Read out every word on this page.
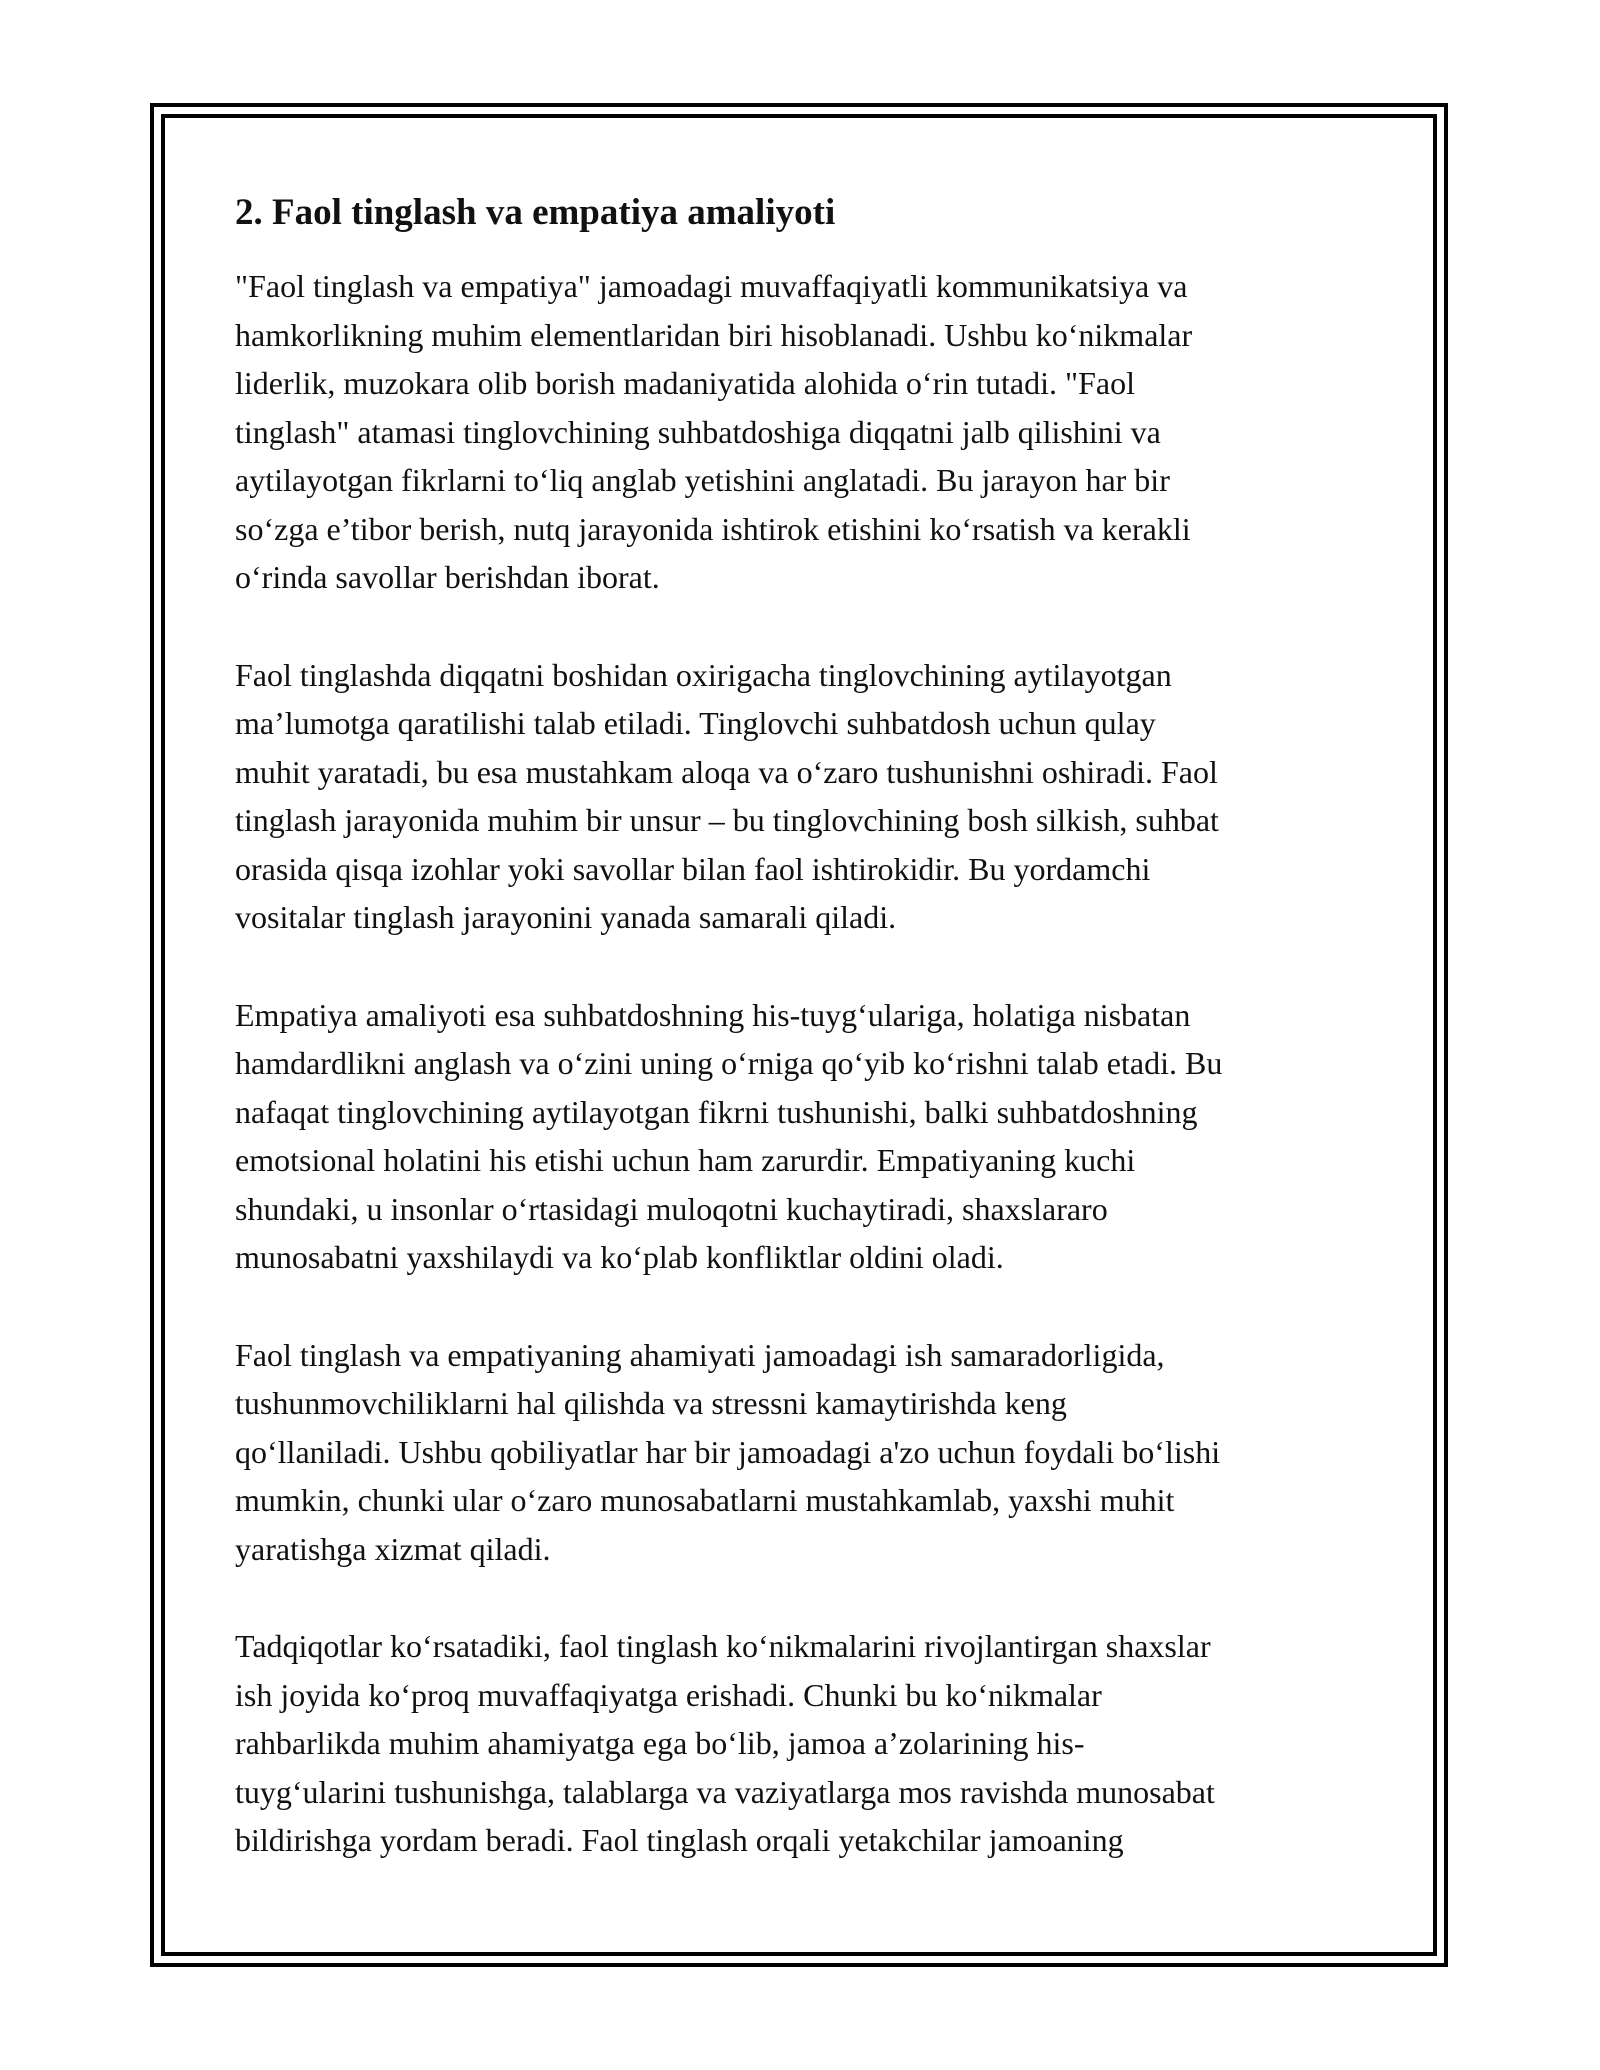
2. Faol tinglash va empatiya amaliyoti

"Faol tinglash va empatiya" jamoadagi muvaffaqiyatli kommunikatsiya va
hamkorlikning muhim elementlaridan biri hisoblanadi. Ushbu koʻnikmalar
liderlik, muzokara olib borish madaniyatida alohida oʻrin tutadi. "Faol
tinglash" atamasi tinglovchining suhbatdoshiga diqqatni jalb qilishini va
aytilayotgan fikrlarni toʻliq anglab yetishini anglatadi. Bu jarayon har bir
soʻzga e’tibor berish, nutq jarayonida ishtirok etishini koʻrsatish va kerakli
oʻrinda savollar berishdan iborat.

Faol tinglashda diqqatni boshidan oxirigacha tinglovchining aytilayotgan
ma’lumotga qaratilishi talab etiladi. Tinglovchi suhbatdosh uchun qulay
muhit yaratadi, bu esa mustahkam aloqa va oʻzaro tushunishni oshiradi. Faol
tinglash jarayonida muhim bir unsur – bu tinglovchining bosh silkish, suhbat
orasida qisqa izohlar yoki savollar bilan faol ishtirokidir. Bu yordamchi
vositalar tinglash jarayonini yanada samarali qiladi.

Empatiya amaliyoti esa suhbatdoshning his-tuygʻulariga, holatiga nisbatan
hamdardlikni anglash va oʻzini uning oʻrniga qoʻyib koʻrishni talab etadi. Bu
nafaqat tinglovchining aytilayotgan fikrni tushunishi, balki suhbatdoshning
emotsional holatini his etishi uchun ham zarurdir. Empatiyaning kuchi
shundaki, u insonlar oʻrtasidagi muloqotni kuchaytiradi, shaxslararo
munosabatni yaxshilaydi va koʻplab konfliktlar oldini oladi.

Faol tinglash va empatiyaning ahamiyati jamoadagi ish samaradorligida,
tushunmovchiliklarni hal qilishda va stressni kamaytirishda keng
qoʻllaniladi. Ushbu qobiliyatlar har bir jamoadagi a'zo uchun foydali boʻlishi
mumkin, chunki ular oʻzaro munosabatlarni mustahkamlab, yaxshi muhit
yaratishga xizmat qiladi.

Tadqiqotlar koʻrsatadiki, faol tinglash koʻnikmalarini rivojlantirgan shaxslar
ish joyida koʻproq muvaffaqiyatga erishadi. Chunki bu koʻnikmalar
rahbarlikda muhim ahamiyatga ega boʻlib, jamoa a’zolarining his-
tuygʻularini tushunishga, talablarga va vaziyatlarga mos ravishda munosabat
bildirishga yordam beradi. Faol tinglash orqali yetakchilar jamoaning
